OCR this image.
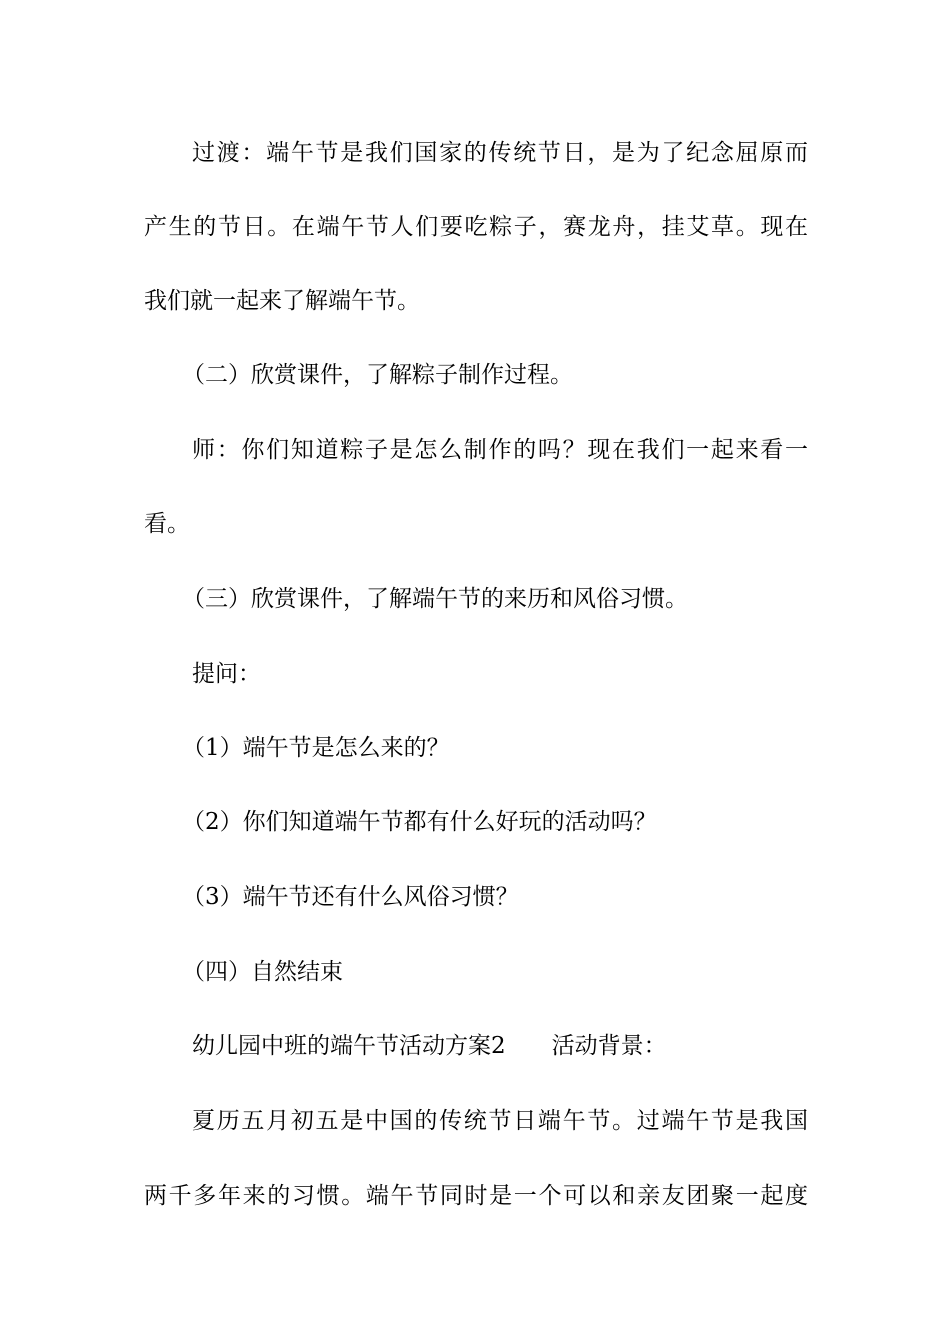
过渡：端午节是我们国家的传统节日，是为了纪念屈原而
产生的节日。在端午节人们要吃粽子，赛龙舟，挂艾草。现在
我们就一起来了解端午节。
（二）欣赏课件，了解粽子制作过程。
师：你们知道粽子是怎么制作的吗？现在我们一起来看一
看。
（三）欣赏课件，了解端午节的来历和风俗习惯。
提问：
（1）端午节是怎么来的？
（2）你们知道端午节都有什么好玩的活动吗？
（3）端午节还有什么风俗习惯？
（四）自然结束
幼儿园中班的端午节活动方案2 活动背景：
夏历五月初五是中国的传统节日端午节。过端午节是我国
两千多年来的习惯。端午节同时是一个可以和亲友团聚一起度
